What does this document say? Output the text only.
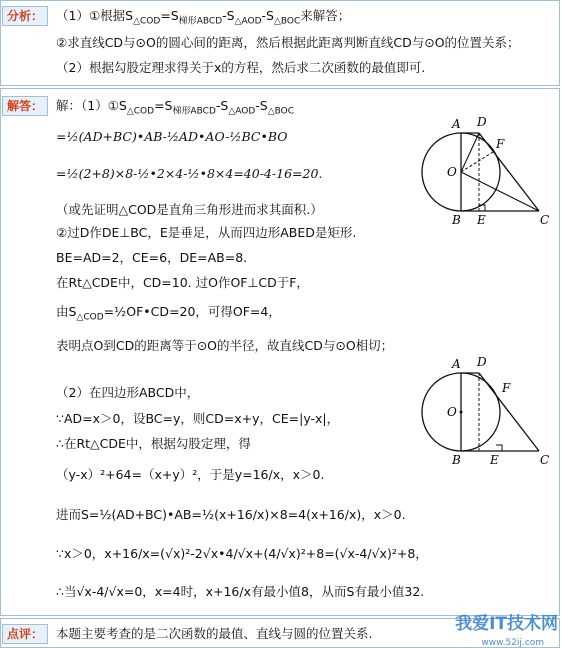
分析：	（1）①根据$S_{\triangle COD}=S_{梯形ABCD}-S_{\triangle AOD}-S_{\triangle BOC}$来解答；
②求直线CD与⊙O的圆心间的距离，然后根据此距离判断直线CD与⊙O的位置关系；
（2）根据勾股定理求得关于x的方程，然后求二次函数的最值即可.
解答：	解：$(1)①S_{\triangle COD}=S_{梯形ABCD}-S_{\triangle AOD}-S_{\triangle BOC}$
=½(AD+BC)•AB-½AD•AO-½BC•BO
=½(2+8)×8-½•2×4-½•8×4=40-4-16=20.
（或先证明△COD是直角三角形进而求其面积.）
②过D作DE⊥BC，E是垂足，从而四边形ABED是矩形.
BE=AD=2，CE=6，DE=AB=8.
在Rt△CDE中，CD=10. 过O作OF⊥CD于F，
由$S_{\triangle COD}=\frac{1}{2}OF•CD=20$，可得OF=4，
表明点O到CD的距离等于⊙O的半径，故直线CD与⊙O相切；
（2）在四边形ABCD中，
∵AD=x＞0，设BC=y，则CD=x+y，CE=|y-x|，
∴在Rt△CDE中，根据勾股定理，得
（y-x）²+64=（x+y）²，于是y=16/x，x＞0.
进而S=½(AD+BC)•AB=½(x+16/x)×8=4(x+16/x)，x＞0.
∵x＞0，x+16/x=(√x)²-2√x•4/√x+(4/√x)²+8=(√x-4/√x)²+8，
∴当√x-4/√x=0，x=4时，x+16/x有最小值8，从而S有最小值32.
A D
F
O
B E	C
A D
F
O
B E	C
点评：	本题主要考查的是二次函数的最值、直线与圆的位置关系.	我爱IT技术网
www.52ij.com
